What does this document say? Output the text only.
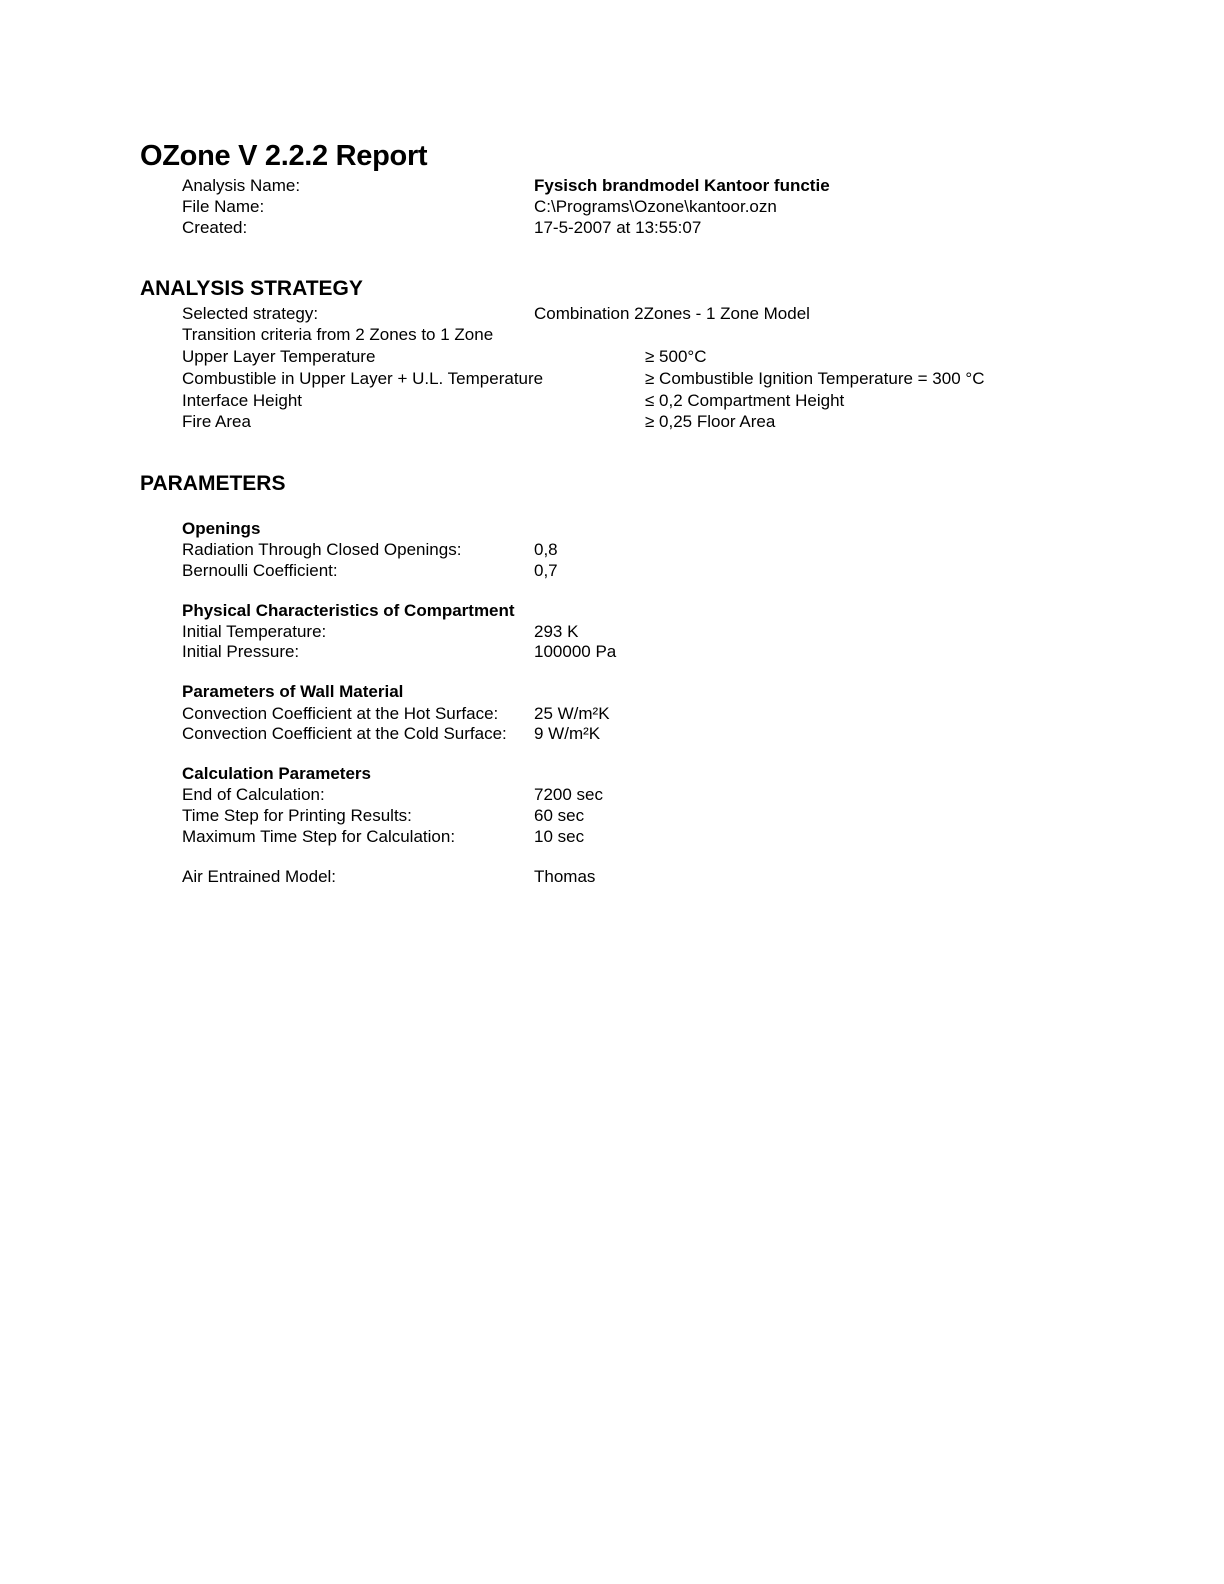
OZone V 2.2.2 Report
Analysis Name:	Fysisch brandmodel Kantoor functie
File Name:	C:\Programs\Ozone\kantoor.ozn
Created:	17-5-2007 at 13:55:07
ANALYSIS STRATEGY
Selected strategy:	Combination 2Zones - 1 Zone Model
Transition criteria from 2 Zones to 1 Zone
Upper Layer Temperature	≥ 500°C
Combustible in Upper Layer + U.L. Temperature	≥ Combustible Ignition Temperature = 300 °C
Interface Height	≤ 0,2 Compartment Height
Fire Area	≥ 0,25 Floor Area
PARAMETERS
Openings
Radiation Through Closed Openings:	0,8
Bernoulli Coefficient:	0,7
Physical Characteristics of Compartment
Initial Temperature:	293 K
Initial Pressure:	100000 Pa
Parameters of Wall Material
Convection Coefficient at the Hot Surface: 25 W/m²K
Convection Coefficient at the Cold Surface: 9 W/m²K
Calculation Parameters
End of Calculation:	7200 sec
Time Step for Printing Results:	60 sec
Maximum Time Step for Calculation:	10 sec
Air Entrained Model:	Thomas
